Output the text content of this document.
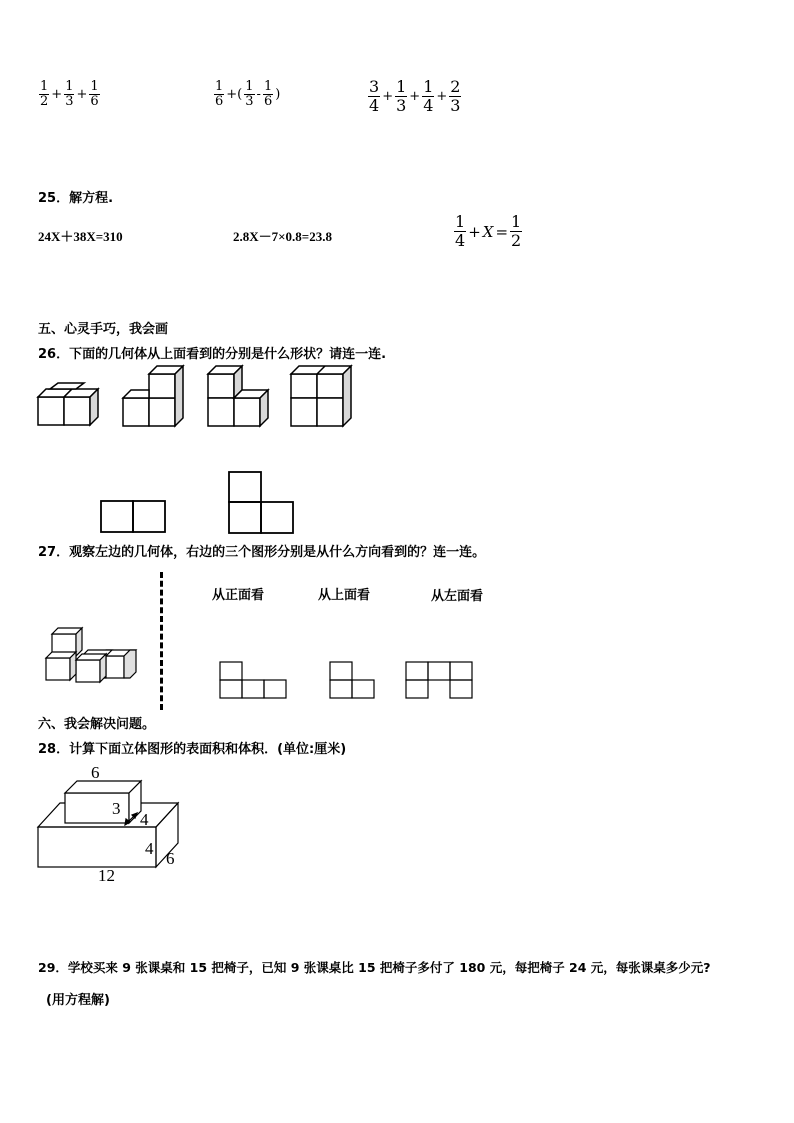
$\frac{1}{2} + \frac{1}{3} + \frac{1}{6}$	$\frac{1}{6}$ +( $\frac{1}{3} - \frac{1}{6}$ )	$\frac{3}{4} + \frac{1}{3} + \frac{1}{4} + \frac{2}{3}$
25．解方程.
24X＋38X=310	2.8X－7×0.8=23.8	$\frac{1}{4} + X = \frac{1}{2}$
五、心灵手巧，我会画
26．下面的几何体从上面看到的分别是什么形状？请连一连.
27．观察左边的几何体，右边的三个图形分别是从什么方向看到的？连一连。
从正面看	从上面看	从左面看
六、我会解决问题。
28．计算下面立体图形的表面积和体积．(单位:厘米)
6
3
4
4
6
12
29．学校买来 9 张课桌和 15 把椅子，已知 9 张课桌比 15 把椅子多付了 180 元，每把椅子 24 元，每张课桌多少元?
(用方程解)
